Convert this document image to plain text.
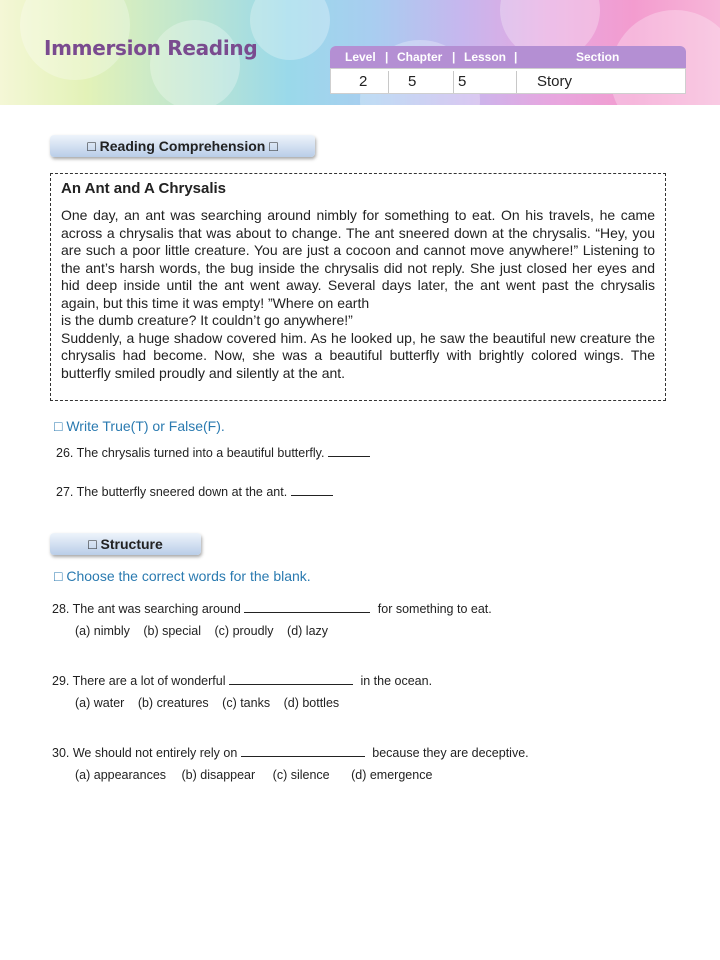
Immersion Reading	Level | Chapter | Lesson |	Section
2	5	5	Story
□ Reading Comprehension □
An Ant and A Chrysalis

One day, an ant was searching around nimbly for something to eat. On his travels, he came across a chrysalis that was about to change. The ant sneered down at the chrysalis. “Hey, you are such a poor little creature. You are just a cocoon and cannot move anywhere!” Listening to the ant’s harsh words, the bug inside the chrysalis did not reply. She just closed her eyes and hid deep inside until the ant went away. Several days later, the ant went past the chrysalis again, but this time it was empty! ”Where on earth
is the dumb creature? It couldn’t go anywhere!”
Suddenly, a huge shadow covered him. As he looked up, he saw the beautiful new creature the chrysalis had become. Now, she was a beautiful butterfly with brightly colored wings. The butterfly smiled proudly and silently at the ant.

□ Write True(T) or False(F).
26. The chrysalis turned into a beautiful butterfly.
27. The butterfly sneered down at the ant.
□ Structure
□ Choose the correct words for the blank.
28. The ant was searching around	for something to eat.
(a) nimbly (b) special (c) proudly (d) lazy
29. There are a lot of wonderful	in the ocean.
(a) water (b) creatures (c) tanks (d) bottles
30. We should not entirely rely on	because they are deceptive.
(a) appearances (b) disappear (c) silence (d) emergence
